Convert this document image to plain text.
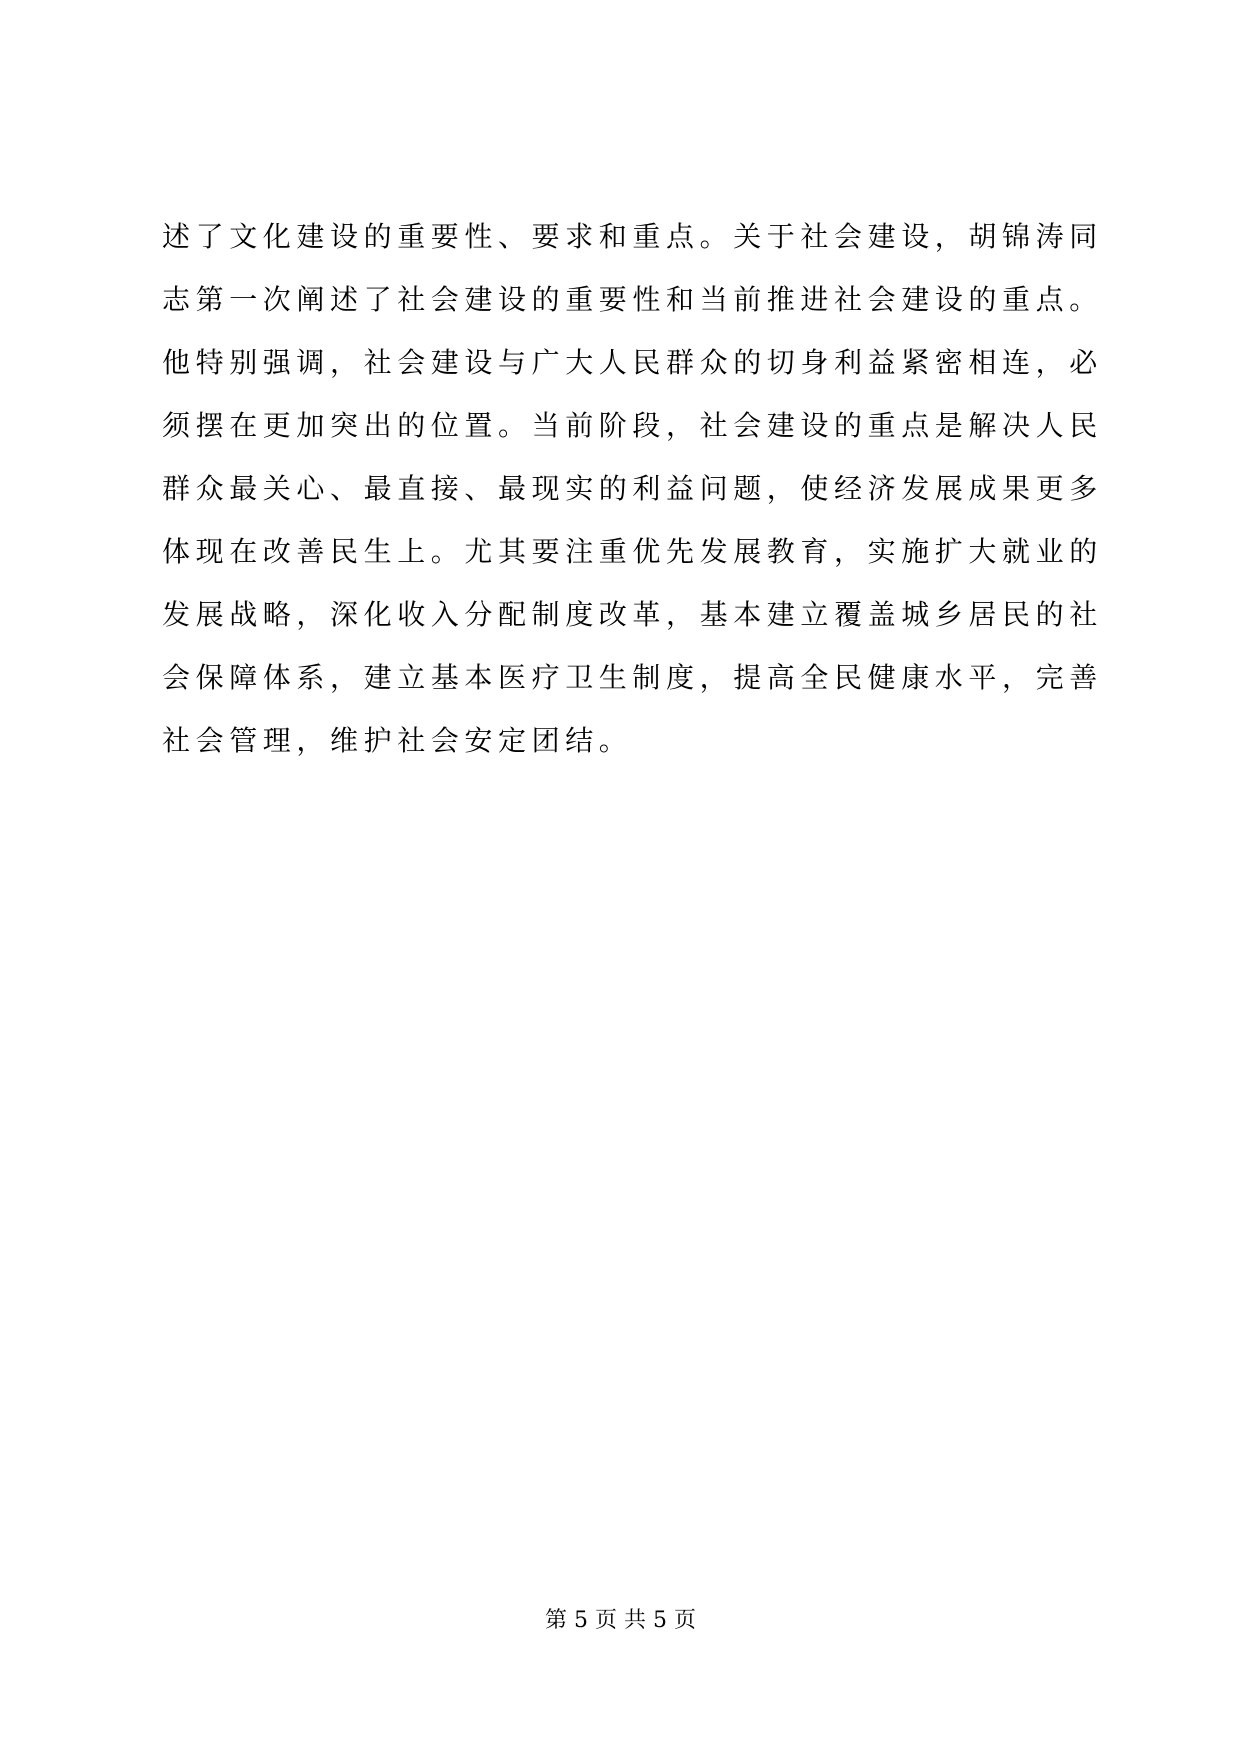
述了文化建设的重要性、要求和重点。关于社会建设，胡锦涛同
志第一次阐述了社会建设的重要性和当前推进社会建设的重点。
他特别强调，社会建设与广大人民群众的切身利益紧密相连，必
须摆在更加突出的位置。当前阶段，社会建设的重点是解决人民
群众最关心、最直接、最现实的利益问题，使经济发展成果更多
体现在改善民生上。尤其要注重优先发展教育，实施扩大就业的
发展战略，深化收入分配制度改革，基本建立覆盖城乡居民的社
会保障体系，建立基本医疗卫生制度，提高全民健康水平，完善
社会管理，维护社会安定团结。
第 5 页 共 5 页
